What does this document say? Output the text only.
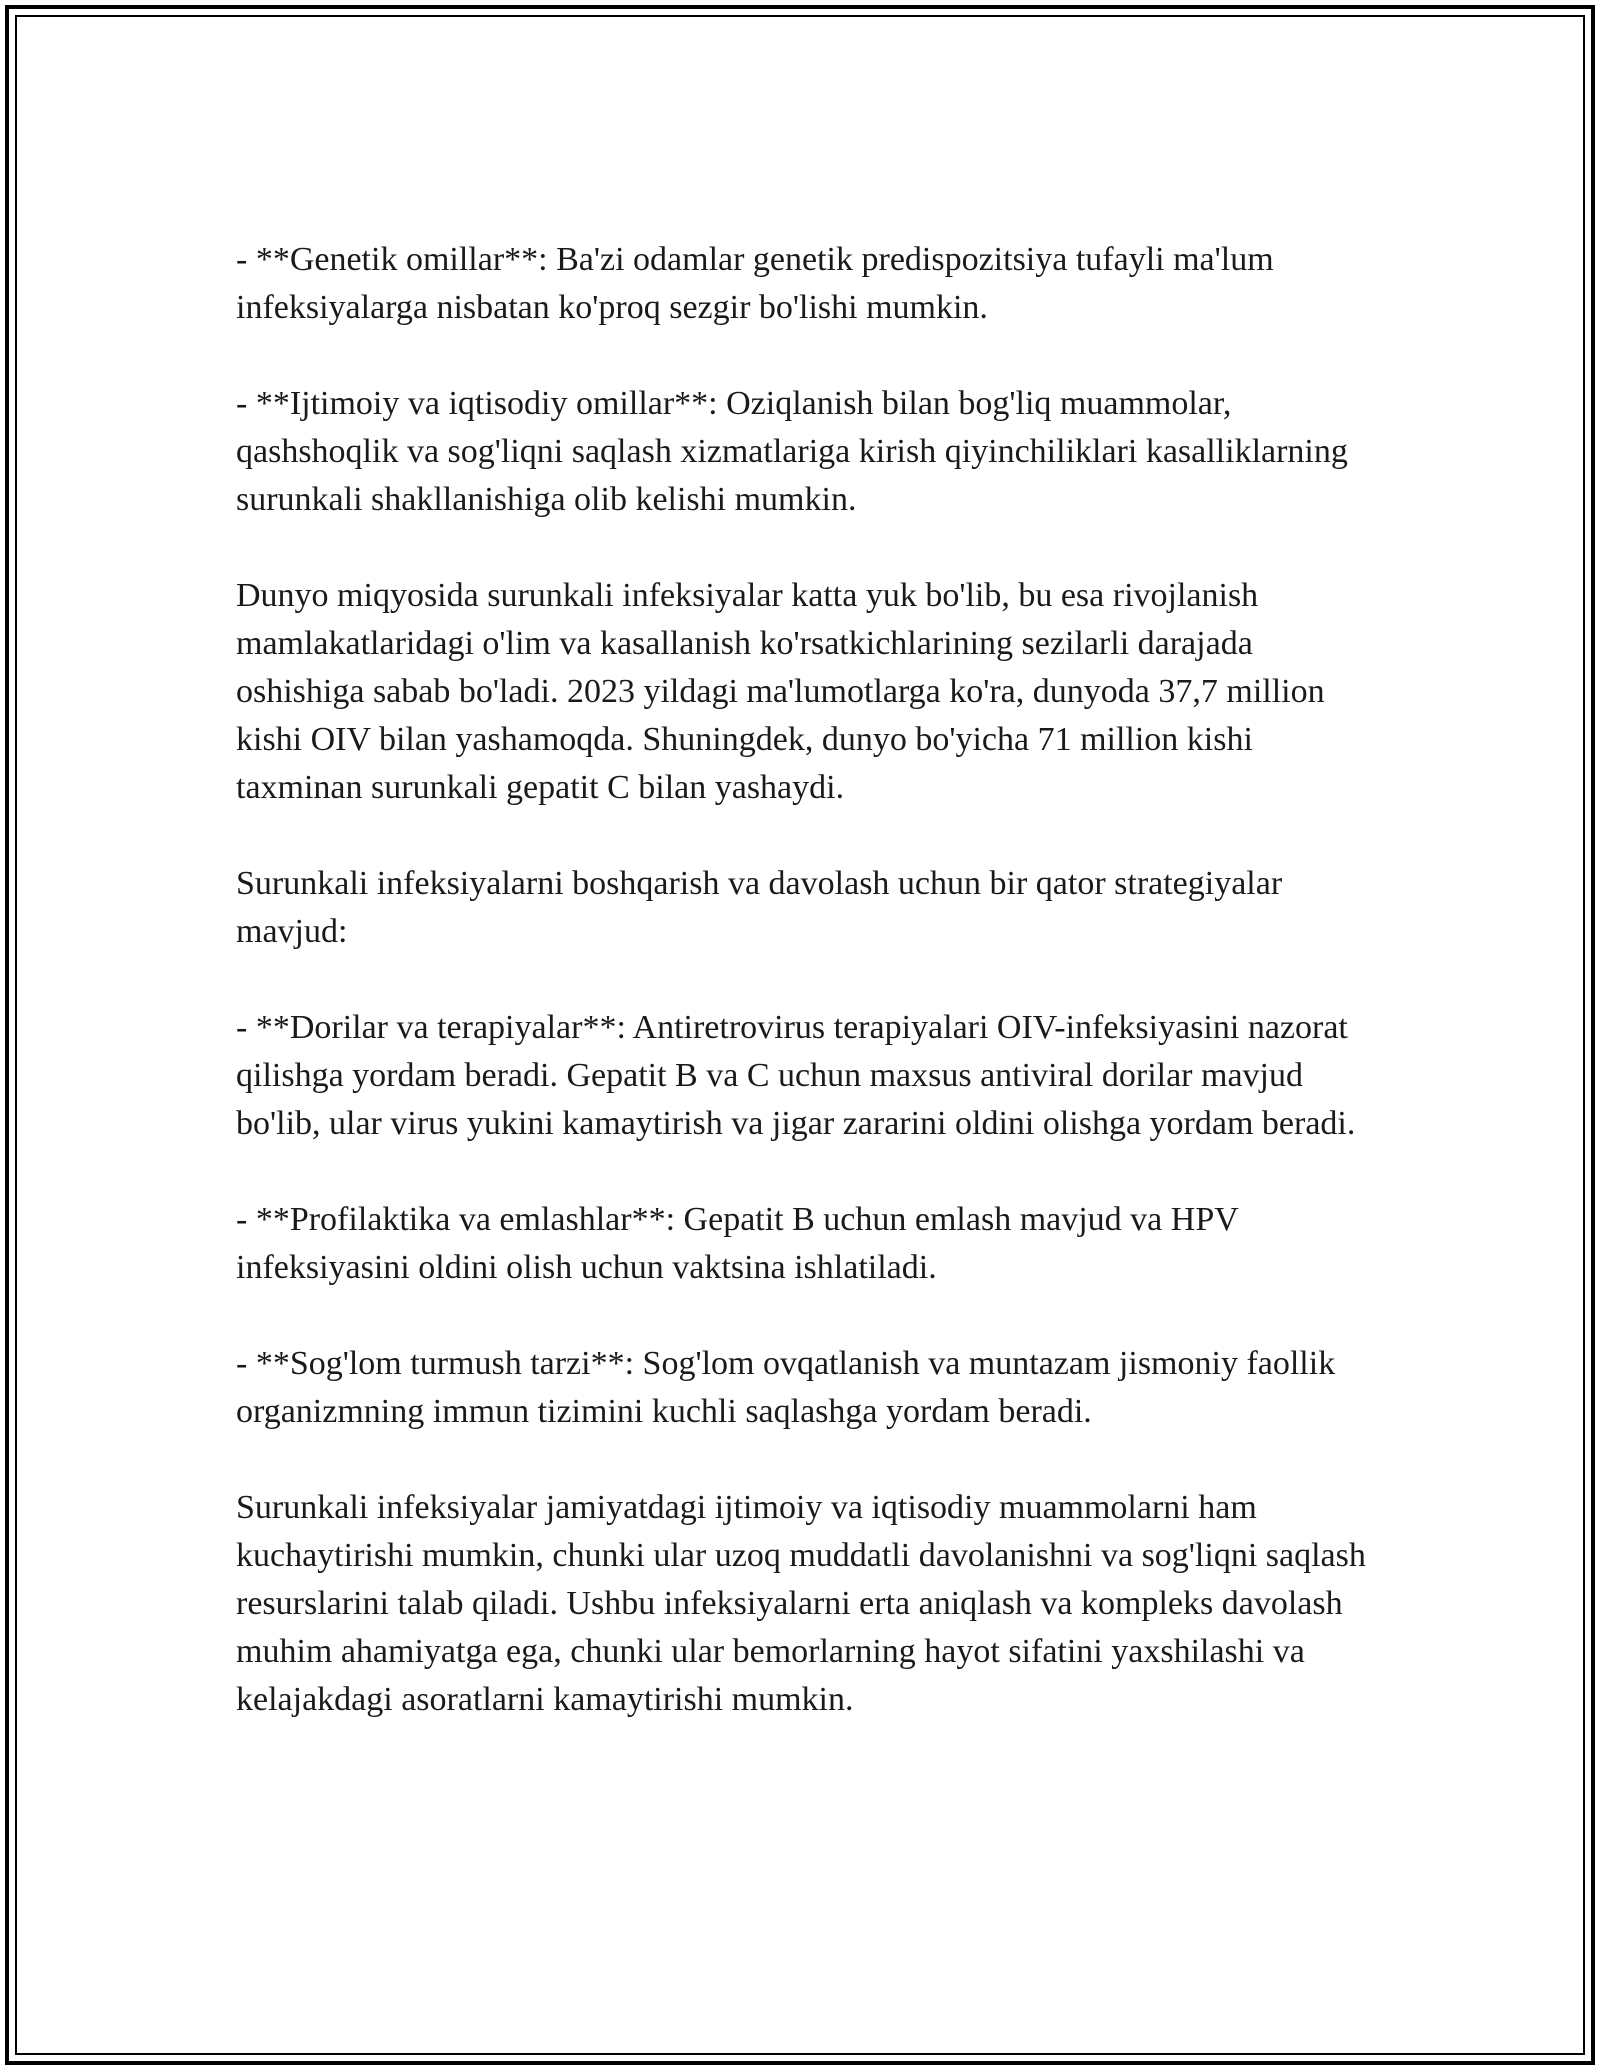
- **Genetik omillar**: Ba'zi odamlar genetik predispozitsiya tufayli ma'lum infeksiyalarga nisbatan ko'proq sezgir bo'lishi mumkin.

- **Ijtimoiy va iqtisodiy omillar**: Oziqlanish bilan bog'liq muammolar, qashshoqlik va sog'liqni saqlash xizmatlariga kirish qiyinchiliklari kasalliklarning surunkali shakllanishiga olib kelishi mumkin.

Dunyo miqyosida surunkali infeksiyalar katta yuk bo'lib, bu esa rivojlanish mamlakatlaridagi o'lim va kasallanish ko'rsatkichlarining sezilarli darajada oshishiga sabab bo'ladi. 2023 yildagi ma'lumotlarga ko'ra, dunyoda 37,7 million kishi OIV bilan yashamoqda. Shuningdek, dunyo bo'yicha 71 million kishi taxminan surunkali gepatit C bilan yashaydi.

Surunkali infeksiyalarni boshqarish va davolash uchun bir qator strategiyalar mavjud:

- **Dorilar va terapiyalar**: Antiretrovirus terapiyalari OIV-infeksiyasini nazorat qilishga yordam beradi. Gepatit B va C uchun maxsus antiviral dorilar mavjud bo'lib, ular virus yukini kamaytirish va jigar zararini oldini olishga yordam beradi.

- **Profilaktika va emlashlar**: Gepatit B uchun emlash mavjud va HPV infeksiyasini oldini olish uchun vaktsina ishlatiladi.

- **Sog'lom turmush tarzi**: Sog'lom ovqatlanish va muntazam jismoniy faollik organizmning immun tizimini kuchli saqlashga yordam beradi.

Surunkali infeksiyalar jamiyatdagi ijtimoiy va iqtisodiy muammolarni ham kuchaytirishi mumkin, chunki ular uzoq muddatli davolanishni va sog'liqni saqlash resurslarini talab qiladi. Ushbu infeksiyalarni erta aniqlash va kompleks davolash muhim ahamiyatga ega, chunki ular bemorlarning hayot sifatini yaxshilashi va kelajakdagi asoratlarni kamaytirishi mumkin.
